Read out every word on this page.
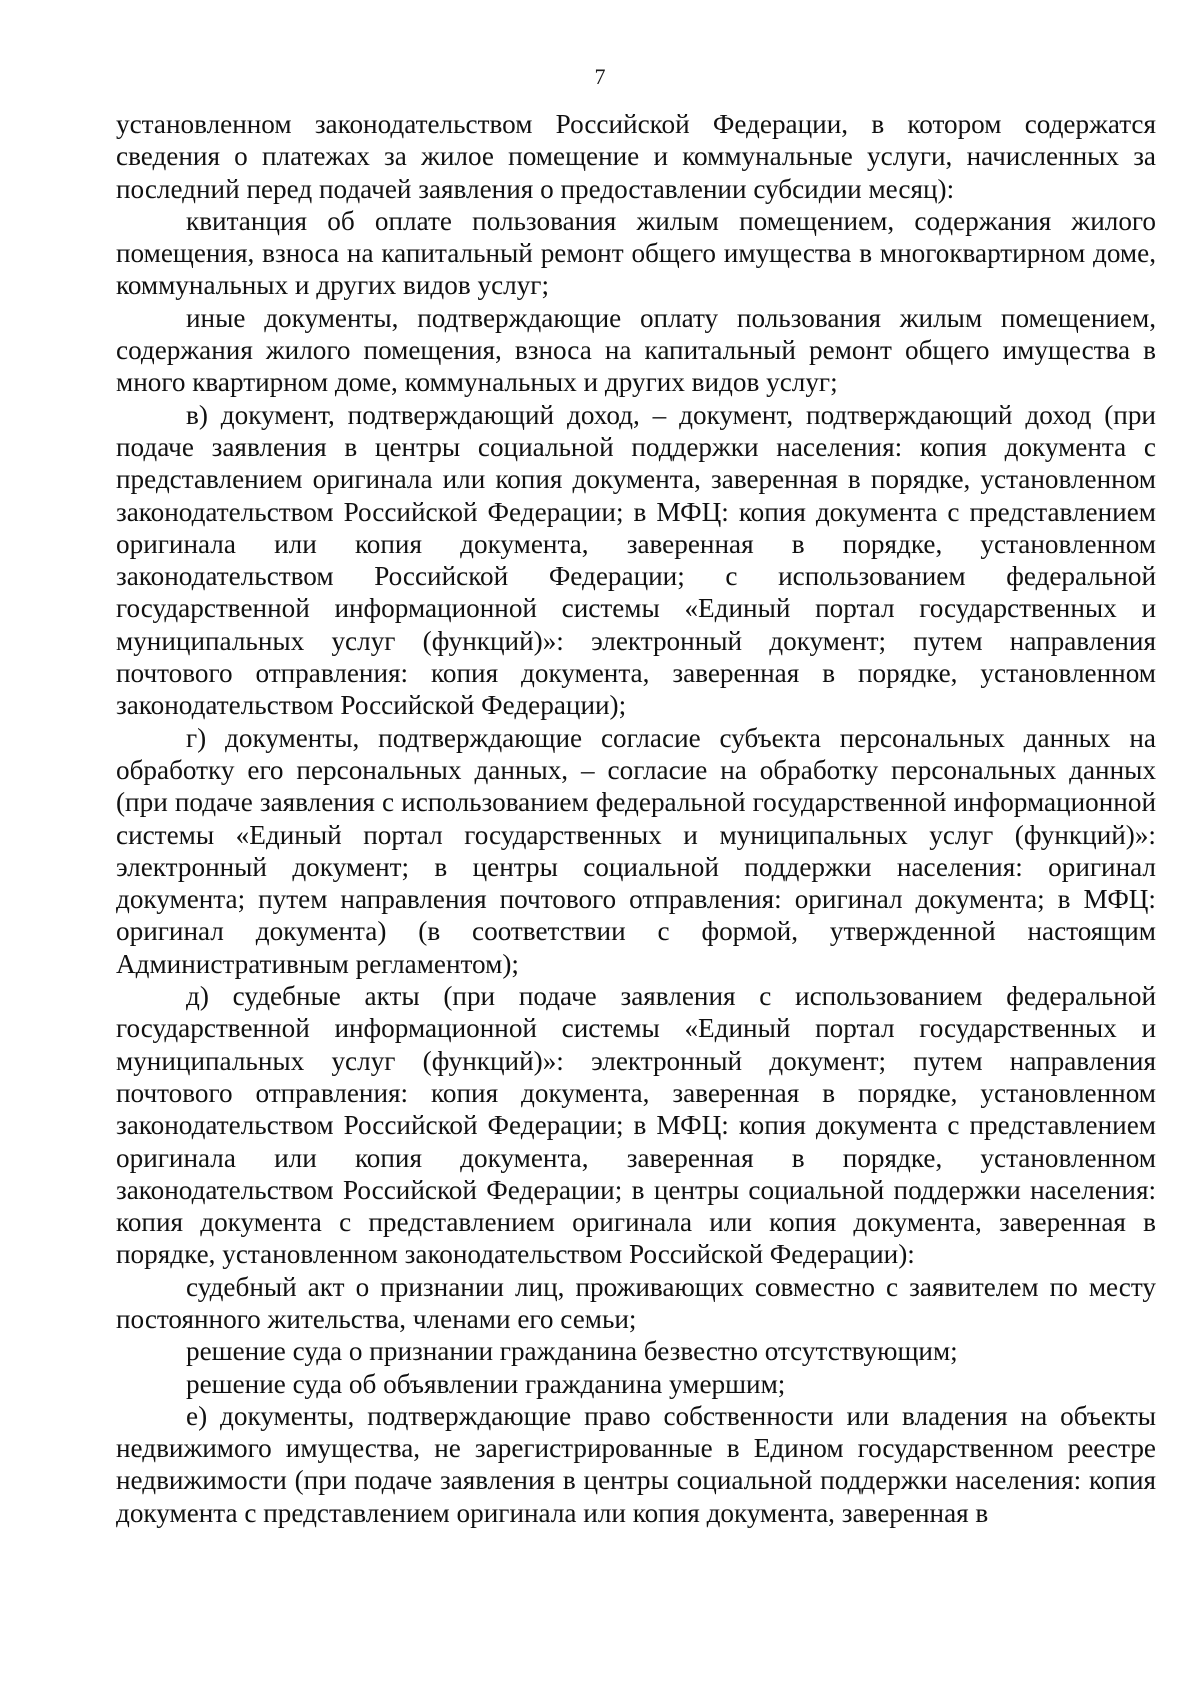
7

установленном законодательством Российской Федерации, в котором содержатся сведения о платежах за жилое помещение и коммунальные услуги, начисленных за последний перед подачей заявления о предоставлении субсидии месяц):

квитанция об оплате пользования жилым помещением, содержания жилого помещения, взноса на капитальный ремонт общего имущества в многоквартирном доме, коммунальных и других видов услуг;

иные документы, подтверждающие оплату пользования жилым помещением, содержания жилого помещения, взноса на капитальный ремонт общего имущества в много квартирном доме, коммунальных и других видов услуг;

в) документ, подтверждающий доход, – документ, подтверждающий доход (при подаче заявления в центры социальной поддержки населения: копия документа с представлением оригинала или копия документа, заверенная в порядке, установленном законодательством Российской Федерации; в МФЦ: копия документа с представлением оригинала или копия документа, заверенная в порядке, установленном законодательством Российской Федерации; с использованием федеральной государственной информационной системы «Единый портал государственных и муниципальных услуг (функций)»: электронный документ; путем направления почтового отправления: копия документа, заверенная в порядке, установленном законодательством Российской Федерации);

г) документы, подтверждающие согласие субъекта персональных данных на обработку его персональных данных, – согласие на обработку персональных данных (при подаче заявления с использованием федеральной государственной информационной системы «Единый портал государственных и муниципальных услуг (функций)»: электронный документ; в центры социальной поддержки населения: оригинал документа; путем направления почтового отправления: оригинал документа; в МФЦ: оригинал документа) (в соответствии с формой, утвержденной настоящим Административным регламентом);

д) судебные акты (при подаче заявления с использованием федеральной государственной информационной системы «Единый портал государственных и муниципальных услуг (функций)»: электронный документ; путем направления почтового отправления: копия документа, заверенная в порядке, установленном законодательством Российской Федерации; в МФЦ: копия документа с представлением оригинала или копия документа, заверенная в порядке, установленном законодательством Российской Федерации; в центры социальной поддержки населения: копия документа с представлением оригинала или копия документа, заверенная в порядке, установленном законодательством Российской Федерации):

судебный акт о признании лиц, проживающих совместно с заявителем по месту постоянного жительства, членами его семьи;

решение суда о признании гражданина безвестно отсутствующим;

решение суда об объявлении гражданина умершим;

е) документы, подтверждающие право собственности или владения на объекты недвижимого имущества, не зарегистрированные в Едином государственном реестре недвижимости (при подаче заявления в центры социальной поддержки населения: копия документа с представлением оригинала или копия документа, заверенная в
